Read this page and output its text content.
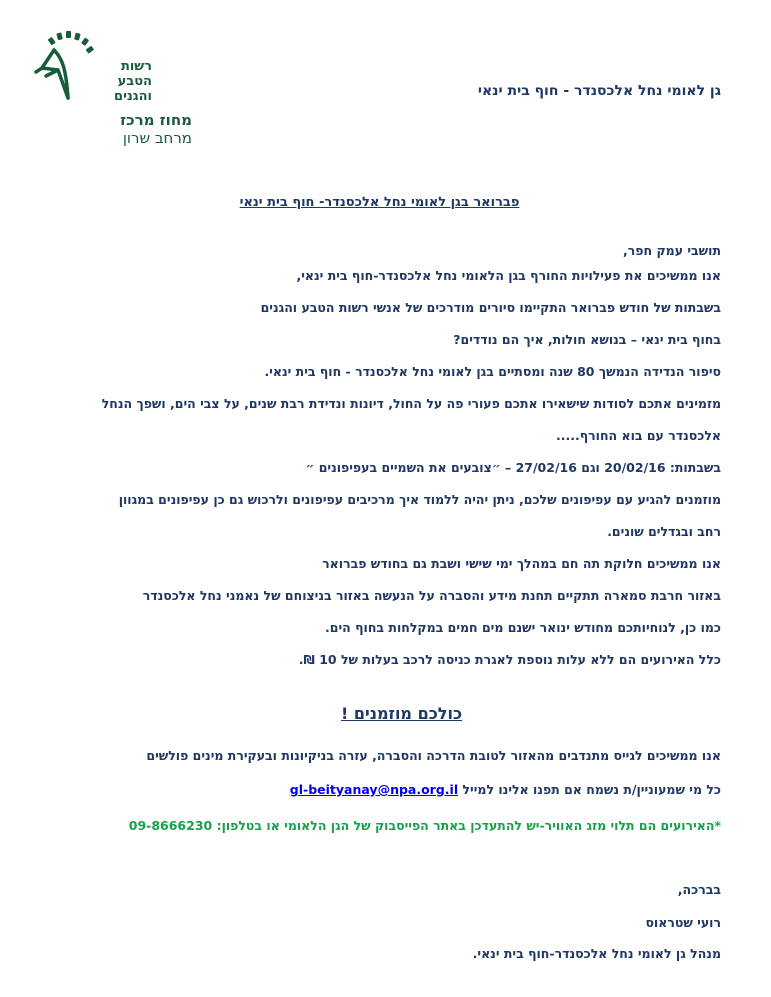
רשות
הטבע
והגנים
מחוז מרכז
מרחב שרון
גן לאומי נחל אלכסנדר - חוף בית ינאי
פברואר בגן לאומי נחל אלכסנדר- חוף בית ינאי
תושבי עמק חפר,
אנו ממשיכים את פעילויות החורף בגן הלאומי נחל אלכסנדר-חוף בית ינאי,
בשבתות של חודש פברואר התקיימו סיורים מודרכים של אנשי רשות הטבע והגנים
בחוף בית ינאי – בנושא חולות, איך הם נודדים?
סיפור הנדידה הנמשך 80 שנה ומסתיים בגן לאומי נחל אלכסנדר - חוף בית ינאי.
מזמינים אתכם לסודות שישאירו אתכם פעורי פה על החול, דיונות ונדידת רבת שנים, על צבי הים, ושפך הנחל
אלכסנדר עם בוא החורף.....
בשבתות: 20/02/16 וגם 27/02/16 – ״צובעים את השמיים בעפיפונים ״
מוזמנים להגיע עם עפיפונים שלכם, ניתן יהיה ללמוד איך מרכיבים עפיפונים ולרכוש גם כן עפיפונים במגוון
רחב ובגדלים שונים.
אנו ממשיכים חלוקת תה חם במהלך ימי שישי ושבת גם בחודש פברואר
באזור חרבת סמארה תתקיים תחנת מידע והסברה על הנעשה באזור בניצוחם של נאמני נחל אלכסנדר
כמו כן, לנוחיותכם מחודש ינואר ישנם מים חמים במקלחות בחוף הים.
כלל האירועים הם ללא עלות נוספת לאגרת כניסה לרכב בעלות של 10 ₪.
כולכם מוזמנים !
אנו ממשיכים לגייס מתנדבים מהאזור לטובת הדרכה והסברה, עזרה בניקיונות ובעקירת מינים פולשים
כל מי שמעוניין/ת נשמח אם תפנו אלינו למייל gl-beityanay@npa.org.il
*האירועים הם תלוי מזג האוויר-יש להתעדכן באתר הפייסבוק של הגן הלאומי או בטלפון: 09-8666230
בברכה,
רועי שטראוס
מנהל גן לאומי נחל אלכסנדר-חוף בית ינאי.
